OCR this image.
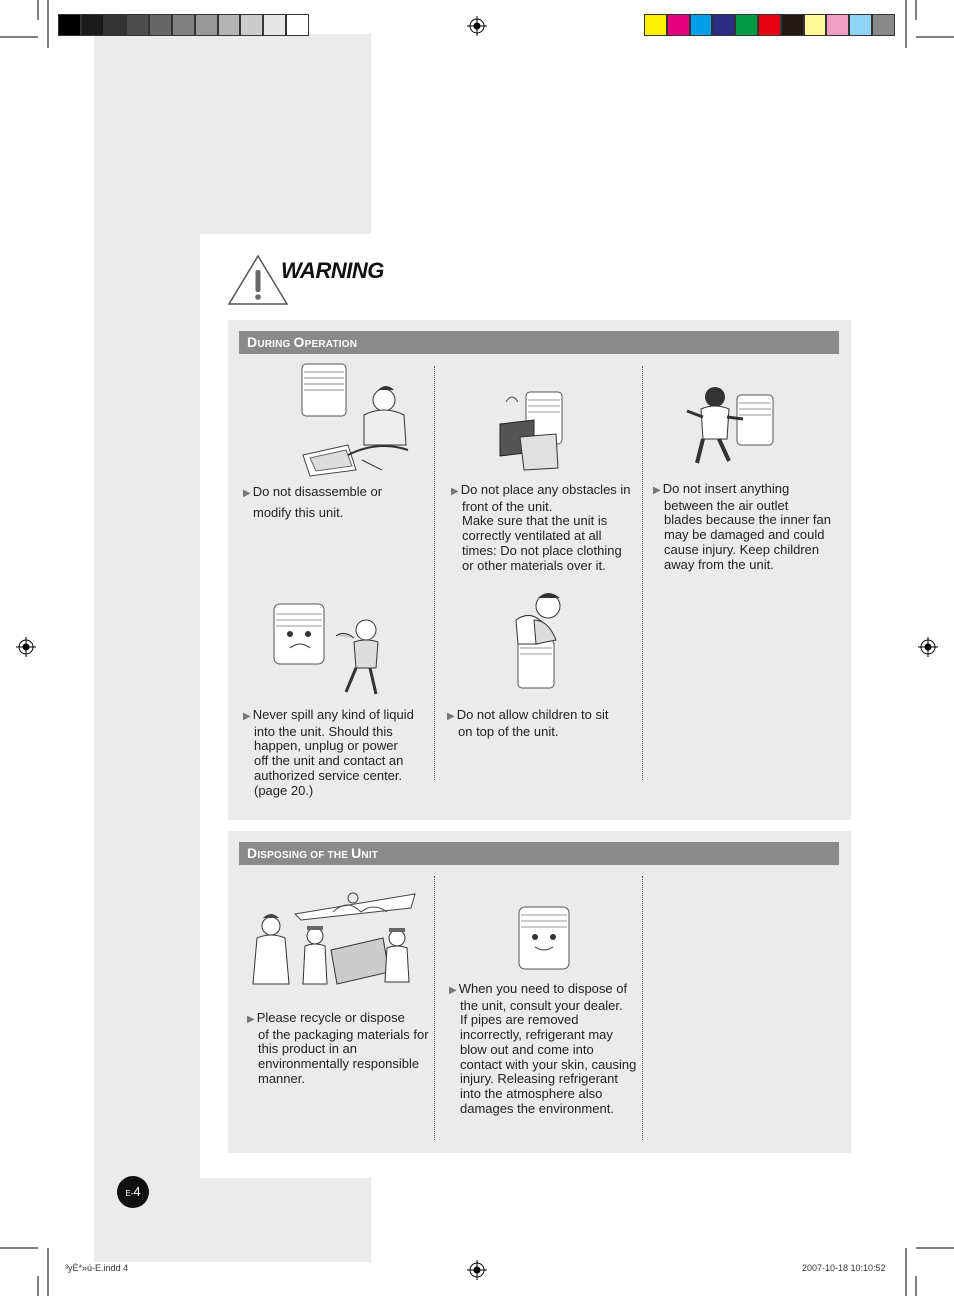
WARNING
DURING OPERATION
▶ Do not disassemble or
modify this unit.
▶ Do not place any obstacles in
front of the unit.
Make sure that the unit is
correctly ventilated at all
times: Do not place clothing
or other materials over it.
▶ Do not insert anything
between the air outlet
blades because the inner fan
may be damaged and could
cause injury. Keep children
away from the unit.
▶ Never spill any kind of liquid
into the unit. Should this
happen, unplug or power
off the unit and contact an
authorized service center.
(page 20.)
▶ Do not allow children to sit
on top of the unit.
DISPOSING OF THE UNIT
▶ Please recycle or dispose
of the packaging materials for
this product in an
environmentally responsible
manner.
▶ When you need to dispose of
the unit, consult your dealer.
If pipes are removed
incorrectly, refrigerant may
blow out and come into
contact with your skin, causing
injury. Releasing refrigerant
into the atmosphere also
damages the environment.
E-4
³yÈ*»ú-E.indd 4	2007-10-18 10:10:52
